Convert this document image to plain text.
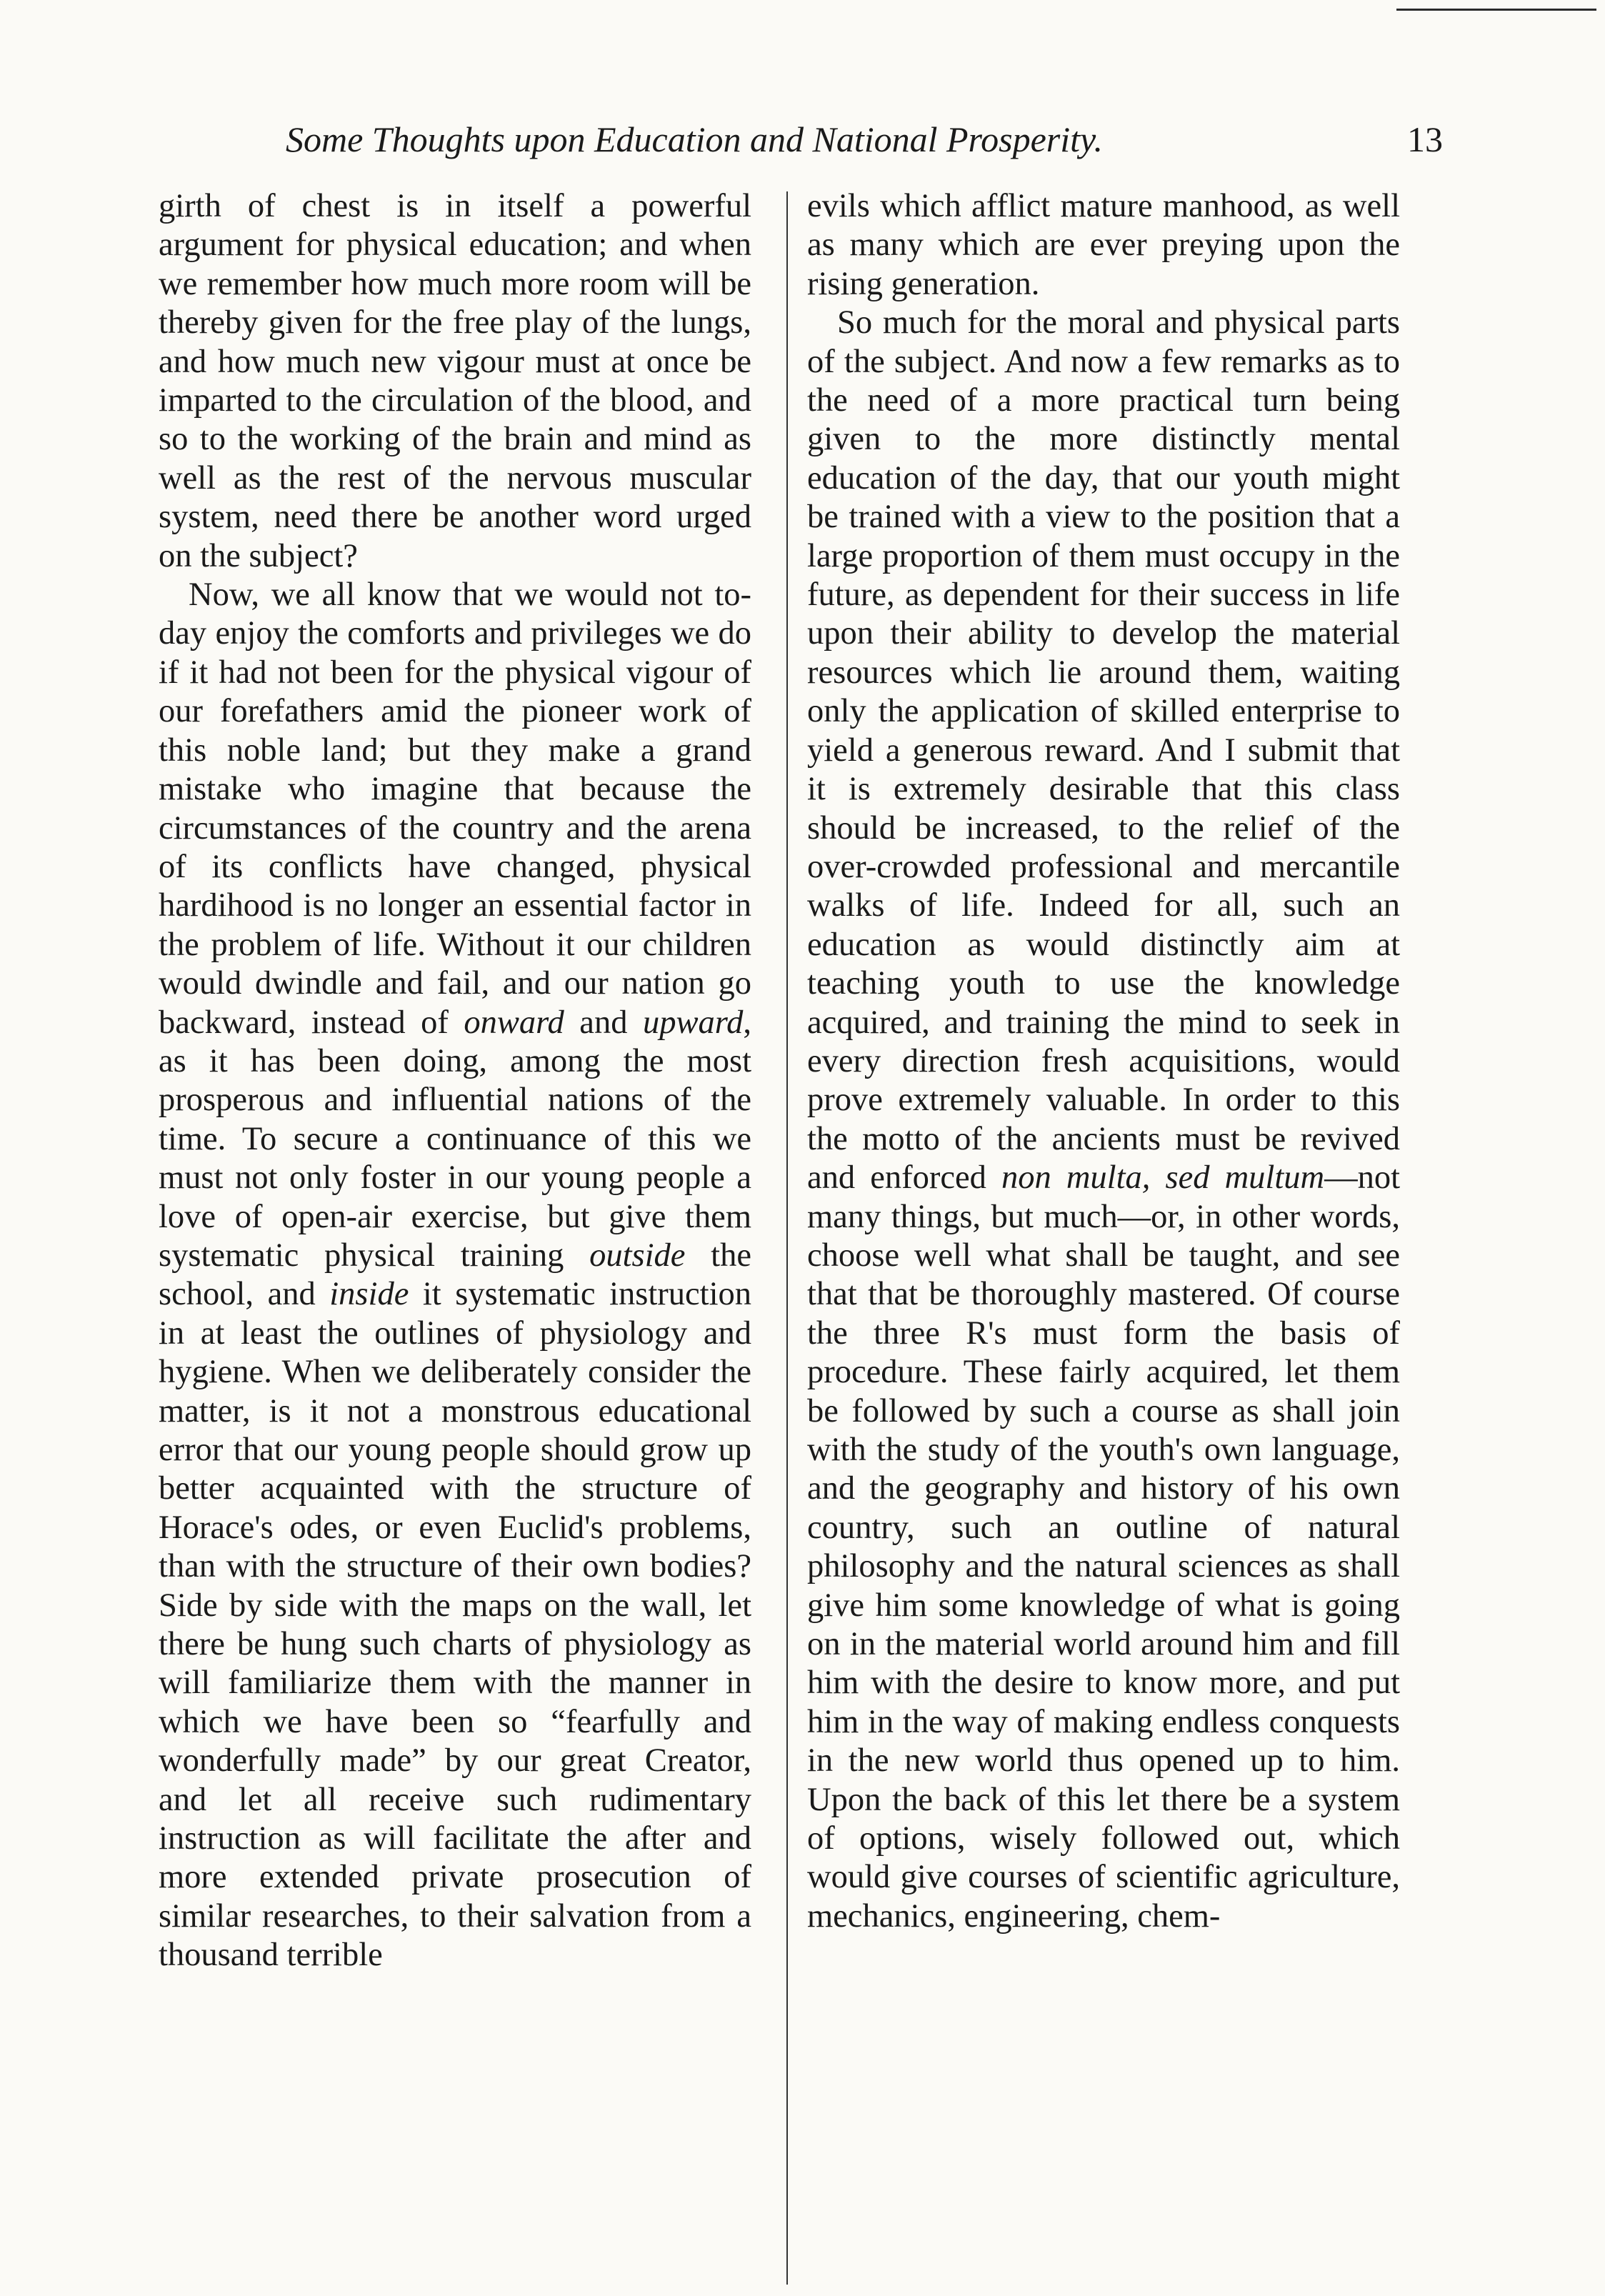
Some Thoughts upon Education and National Prosperity.	13

girth of chest is in itself a powerful argument for physical education; and when we remember how much more room will be thereby given for the free play of the lungs, and how much new vigour must at once be imparted to the circulation of the blood, and so to the working of the brain and mind as well as the rest of the nervous muscular system, need there be another word urged on the subject?

Now, we all know that we would not to-day enjoy the comforts and privileges we do if it had not been for the physical vigour of our forefathers amid the pioneer work of this noble land; but they make a grand mistake who imagine that because the circumstances of the country and the arena of its conflicts have changed, physical hardihood is no longer an essential factor in the problem of life. Without it our children would dwindle and fail, and our nation go backward, instead of onward and upward, as it has been doing, among the most prosperous and influential nations of the time. To secure a continuance of this we must not only foster in our young people a love of open-air exercise, but give them systematic physical training outside the school, and inside it systematic instruction in at least the outlines of physiology and hygiene. When we deliberately consider the matter, is it not a monstrous educational error that our young people should grow up better acquainted with the structure of Horace's odes, or even Euclid's problems, than with the structure of their own bodies? Side by side with the maps on the wall, let there be hung such charts of physiology as will familiarize them with the manner in which we have been so “fearfully and wonderfully made” by our great Creator, and let all receive such rudimentary instruction as will facilitate the after and more extended private prosecution of similar researches, to their salvation from a thousand terrible

evils which afflict mature manhood, as well as many which are ever preying upon the rising generation.

So much for the moral and physical parts of the subject. And now a few remarks as to the need of a more practical turn being given to the more distinctly mental education of the day, that our youth might be trained with a view to the position that a large proportion of them must occupy in the future, as dependent for their success in life upon their ability to develop the material resources which lie around them, waiting only the application of skilled enterprise to yield a generous reward. And I submit that it is extremely desirable that this class should be increased, to the relief of the over-crowded professional and mercantile walks of life. Indeed for all, such an education as would distinctly aim at teaching youth to use the knowledge acquired, and training the mind to seek in every direction fresh acquisitions, would prove extremely valuable. In order to this the motto of the ancients must be revived and enforced non multa, sed multum—not many things, but much—or, in other words, choose well what shall be taught, and see that that be thoroughly mastered. Of course the three R's must form the basis of procedure. These fairly acquired, let them be followed by such a course as shall join with the study of the youth's own language, and the geography and history of his own country, such an outline of natural philosophy and the natural sciences as shall give him some knowledge of what is going on in the material world around him and fill him with the desire to know more, and put him in the way of making endless conquests in the new world thus opened up to him. Upon the back of this let there be a system of options, wisely followed out, which would give courses of scientific agriculture, mechanics, engineering, chem-
